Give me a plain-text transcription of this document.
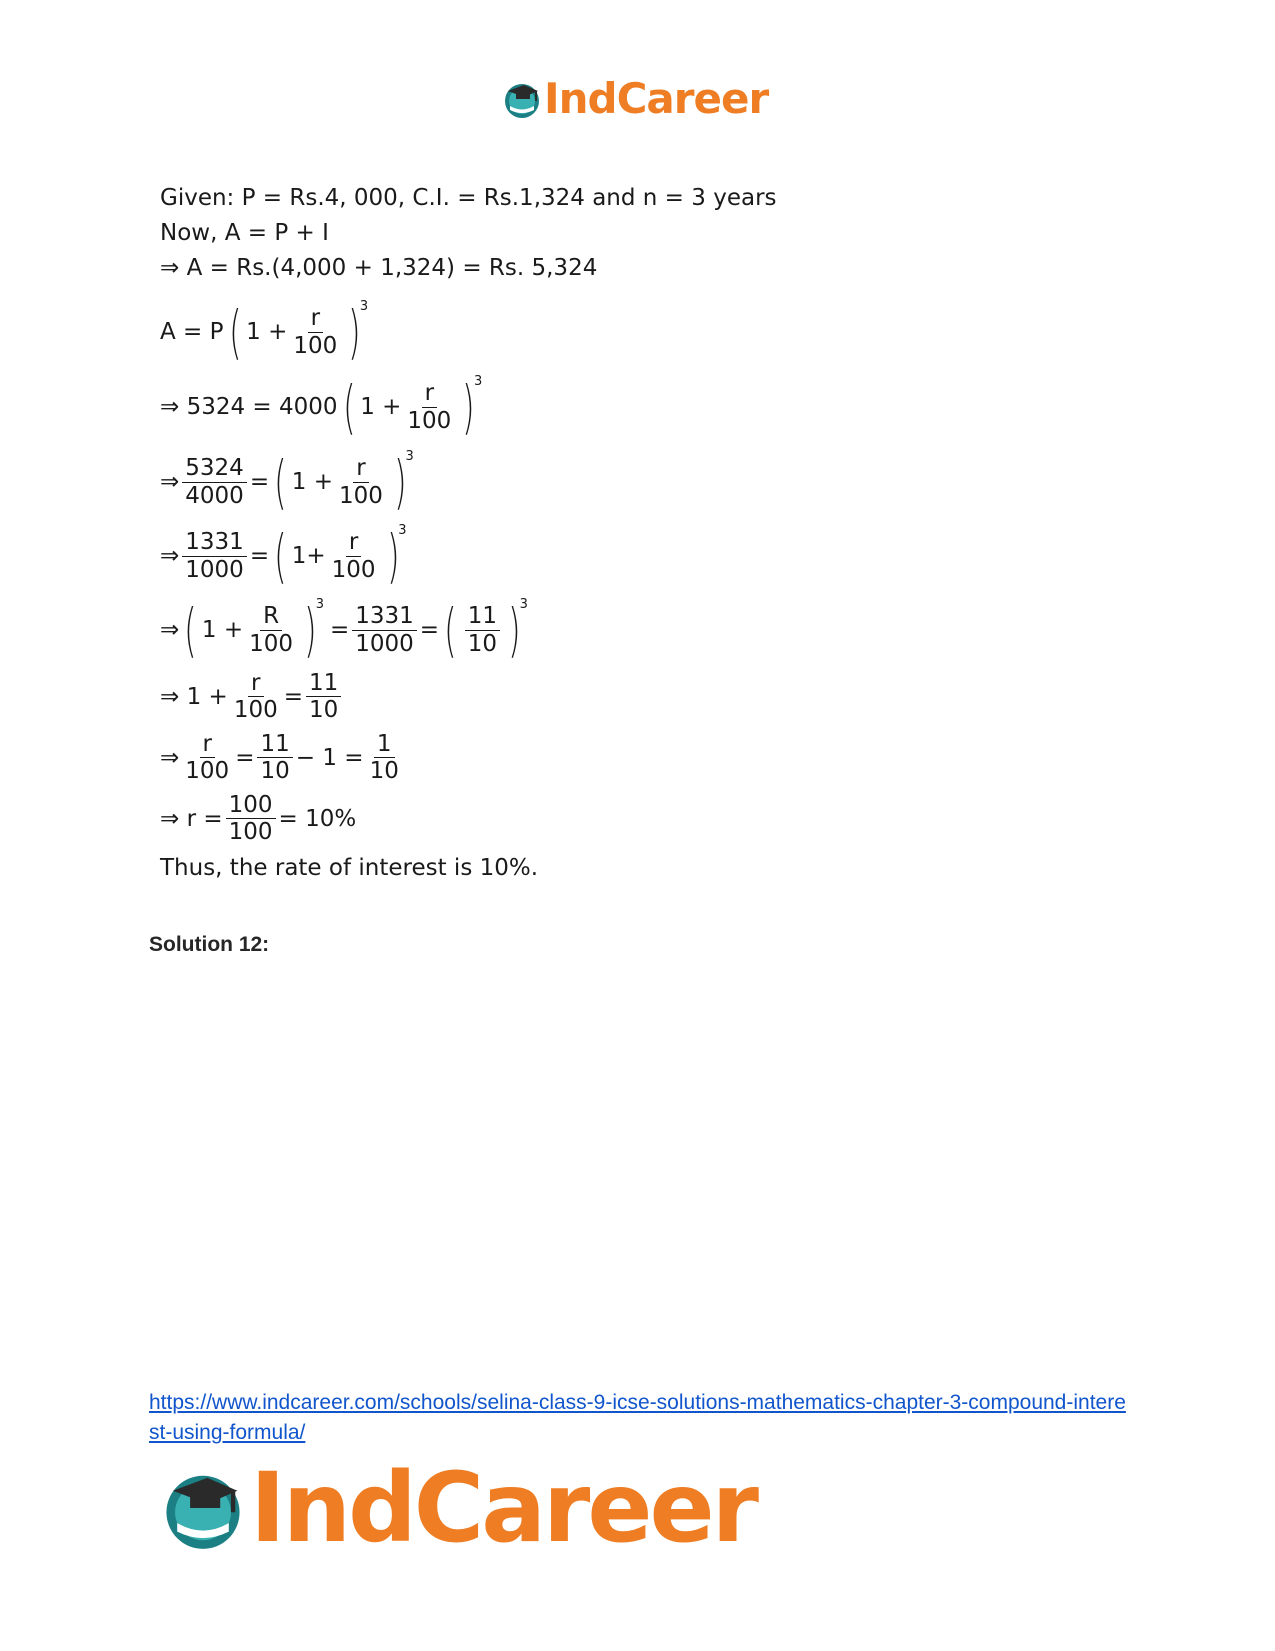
IndCareer
Given: P = Rs.4, 000, C.I. = Rs.1,324 and n = 3 years
Now, A = P + I
⇒ A = Rs.(4,000 + 1,324) = Rs. 5,324
A = P ( $1 + \frac{r}{100} )^3$
⇒ 5324 = 4000 ( $1 + \frac{r}{100} )^3$
⇒ $\frac{5324}{4000}$ = ( $1 + \frac{r}{100} )^3$
⇒ $\frac{1331}{1000}$ = ( $1+ \frac{r}{100} )^3$
⇒ ( $1 + \frac{R}{100} )^3$
= $\frac{1331}{1000}$ = ( $\frac{11}{10} )^3$
⇒ $1 + \frac{r}{100} = \frac{11}{10}$
⇒ $\frac{r}{100} = \frac{11}{10} - 1 = \frac{1}{10}$
⇒ $r = \frac{100}{100} = 10\%$
Thus, the rate of interest is 10%.
Solution 12:
https://www.indcareer.com/schools/selina-class-9-icse-solutions-mathematics-chapter-3-compound-interest-using-formula/
IndCareer
